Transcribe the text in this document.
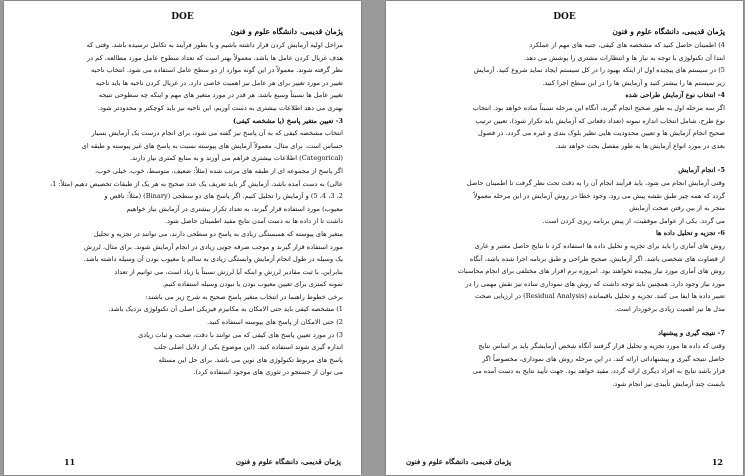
DOE
پژمان قدیمی، دانشگاه علوم و فنون

مراحل اولیه آزمایش کردن قرار داشته باشیم و یا بطور فرآیند به تکامل نرسیده باشد. وقتی که

هدف غربال کردن عامل ها باشد، معمولاً بهتر است که تعداد سطوح عامل مورد مطالعه، کم در

نظر گرفته شوند. معمولاً در این گونه موارد از دو سطح عامل استفاده می شود. انتخاب ناحیه

تغییر در مورد تغییر برای هر عامل نیز اهمیت خاصی دارد. در غربال کردن ناحیه ها باید ناحیه

تغییر عامل ها نسبتاً وسیع باشد. هر قدر در مورد متغیر های مهم و اینکه چه سطوحی نتیجه

بهتری می دهد اطلاعات بیشتری به دست آوریم، این ناحیه نیز باید کوچکتر و محدودتر شود.

3- تعیین متغیر پاسخ (یا مشخصه کیفی)

انتخاب مشخصه کیفی که به آن پاسخ نیز گفته می شود، برای انجام درست یک آزمایش بسیار

حساس است. برای مثال، معمولاً آزمایش های پیوسته نسبت به پاسخ های غیر پیوسته و طبقه ای

(Categorical) اطلاعات بیشتری فراهم می آورند و به منابع کمتری نیاز دارند.

اگر پاسخ از مجموعه ای از طبقه های مرتب شده (مثلاً: ضعیف، متوسط، خوب، خیلی خوب،

عالی) به دست آمده باشد، آزمایش گر باید تعریف یک عدد صحیح به هر یک از طبقات تخصیص دهیم (مثلاً: 1،

2، 3، 4، 5) و آزمایش را تحلیل کنیم. اگر پاسخ های دو سطحی (Binary) (مثلاً: ناقص و

معیوب) مورد استفاده قرار گیرند، به تعداد تکرار بیشتری در آزمایش نیاز خواهیم

داشت تا از داده ها به دست آمدن نتایج مفید اطمینان حاصل شود.

متغیر های پیوسته که همبستگی زیادی به پاسخ دو سطحی دارند، می توانند در تجزیه و تحلیل

مورد استفاده قرار گیرند و موجب صرفه جویی زیادی در انجام آزمایش شوند. برای مثال، لرزش

یک وسیله در طول انجام آزمایش وابستگی زیادی به سالم یا معیوب بودن آن وسیله داشته باشد.

بنابراین، با ثبت مقادیر لرزش و اینکه آیا لرزش نسبتاً یا زیاد است، می توانیم از تعداد

نمونه کمتری برای تعیین معیوب بودن یا نبودن وسیله استفاده کنیم.

برخی خطوط راهنما در انتخاب متغیر پاسخ صحیح به شرح زیر می باشند:

1) مشخصه کیفی باید حتی الامکان به مکانیزم فیزیکی اصلی آن تکنولوژی نزدیک باشد.

2) حتی الامکان از پاسخ های پیوسته استفاده کنید.

3) در مورد تعیین پاسخ های کیفی که می توانند با دقت، صحت و ثبات زیادی

اندازه گیری شوند استفاده کنید. (این موضوع یکی از دلایل اصلی جلب

پاسخ های مربوط تکنولوژی های نوین می باشد. برای حل این مسئله

می توان از جستجو در تئوری های موجود استفاده کرد).

11	پژمان قدیمی، دانشگاه علوم و فنون
DOE
پژمان قدیمی، دانشگاه علوم و فنون

4) اطمینان حاصل کنید که مشخصه های کیفی، جنبه های مهم از عملکرد

ابتدا آن تکنولوژی با توجه به نیاز ها و انتظارات مشتری را پوشش می دهد.

5) در سیستم های پیچیده اول از اینکه بهبود را در کل سیستم ایجاد نماید شروع کنید. آزمایش

زیر سیستم ها را بیشتر کنید و آزمایش ها را در این سطح اجرا کنید.

4- انتخاب نوع آزمایش طراحی شده

اگر سه مرحله اول به طور صحیح انجام گیرند، آنگاه این مرحله نسبتاً ساده خواهد بود. انتخاب

نوع طرح، شامل انتخاب اندازه نمونه (تعداد دفعاتی که آزمایش باید تکرار شود)، تعیین ترتیب

صحیح انجام آزمایش ها و تعیین محدودیت هایی نظیر بلوک بندی و غیره می گردد. در فصول

بعدی در مورد انواع آزمایش ها به طور مفصل بحث خواهد شد.

5- انجام آزمایش

وقتی آزمایش انجام می شود، باید فرآیند انجام آن را به دقت تحت نظر گرفت تا اطمینان حاصل

گردد که همه چیز طبق نقشه پیش می رود. وجود خطا در روش آزمایش در این مرحله معمولاً

منجر به از بین رفتن صحت آزمایش

می گردد. یکی از عوامل موفقیت، از پیش برنامه ریزی کردن است.

6- تجزیه و تحلیل داده ها

روش های آماری را باید برای تجزیه و تحلیل داده ها استفاده کرد تا نتایج حاصل معتبر و عاری

از قضاوت های شخصی باشد. اگر آزمایش، صحیح طراحی و طبق برنامه اجرا شده باشد، آنگاه

روش های آماری مورد نیاز پیچیده نخواهند بود. امروزه نرم افزار های مختلفی برای انجام محاسبات

مورد نیاز وجود دارد. همچنین باید توجه داشت که روش های نموداری ساده نیز نقش مهمی را در

تعبیر داده ها ایفا می کنند. تجزیه و تحلیل باقیمانده (Residual Analysis) در ارزیابی صحت

مدل ها نیز اهمیت زیادی برخوردار است.

7- نتیجه گیری و پیشنهاد

وقتی که داده ها مورد تجزیه و تحلیل قرار گرفتند آنگاه شخص آزمایشگر باید بر اساس نتایج

حاصل نتیجه گیری و پیشنهاداتی ارائه کند. در این مرحله روش های نموداری، مخصوصاً اگر

قرار باشد نتایج به افراد دیگری ارائه گردد، مفید خواهد بود. جهت تأیید نتایج به دست آمده می

بایست چند آزمایش تأییدی نیز انجام شود.

12
پژمان قدیمی، دانشگاه علوم و فنون
